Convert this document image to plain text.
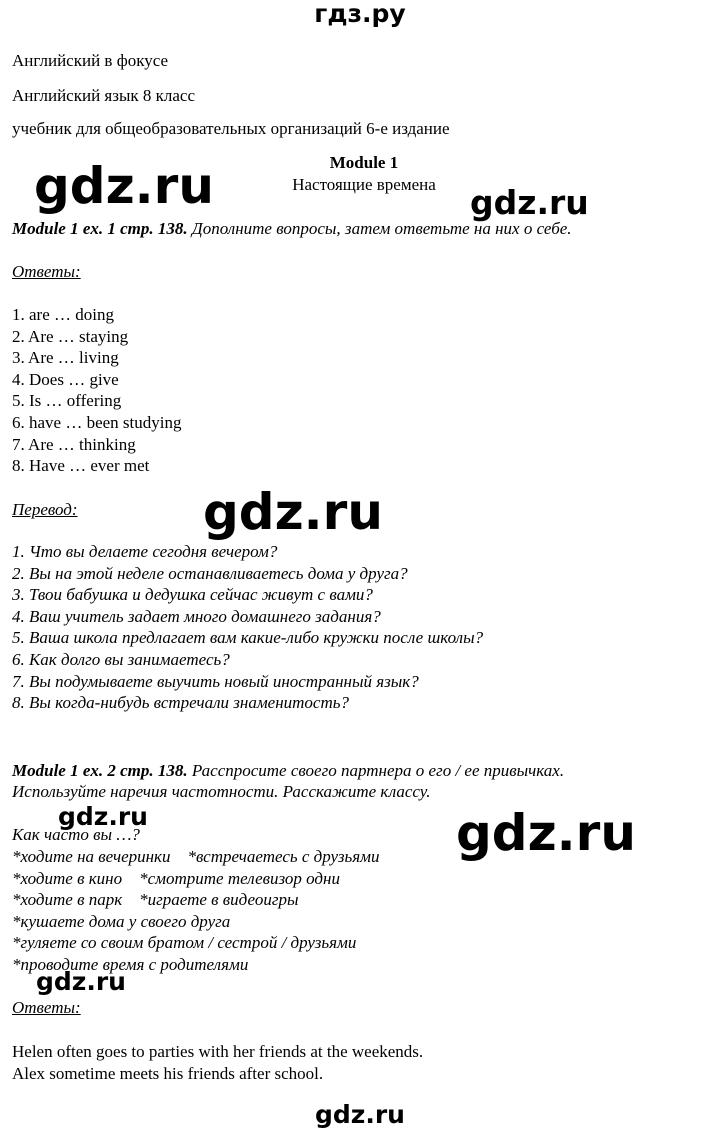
гдз.ру
Английский в фокусе
Английский язык 8 класс
учебник для общеобразовательных организаций 6-е издание
Module 1
Настоящие времена
gdz.ru	gdz.ru
gdz.ru
gdz.ru
gdz.ru
gdz.ru
gdz.ru
Module 1 ex. 1 стр. 138. Дополните вопросы, затем ответьте на них о себе.
Ответы:
1. are … doing
2. Are … staying
3. Are … living
4. Does … give
5. Is … offering
6. have … been studying
7. Are … thinking
8. Have … ever met
Перевод:
1. Что вы делаете сегодня вечером?
2. Вы на этой неделе останавливаетесь дома у друга?
3. Твои бабушка и дедушка сейчас живут с вами?
4. Ваш учитель задает много домашнего задания?
5. Ваша школа предлагает вам какие-либо кружки после школы?
6. Как долго вы занимаетесь?
7. Вы подумываете выучить новый иностранный язык?
8. Вы когда-нибудь встречали знаменитость?
Module 1 ex. 2 стр. 138. Расспросите своего партнера о его / ее привычках.
Используйте наречия частотности. Расскажите классу.
Как часто вы …?
*ходите на вечеринки    *встречаетесь с друзьями
*ходите в кино    *смотрите телевизор одни
*ходите в парк    *играете в видеоигры
*кушаете дома у своего друга
*гуляете со своим братом / сестрой / друзьями
*проводите время с родителями
Ответы:
Helen often goes to parties with her friends at the weekends.
Alex sometime meets his friends after school.
